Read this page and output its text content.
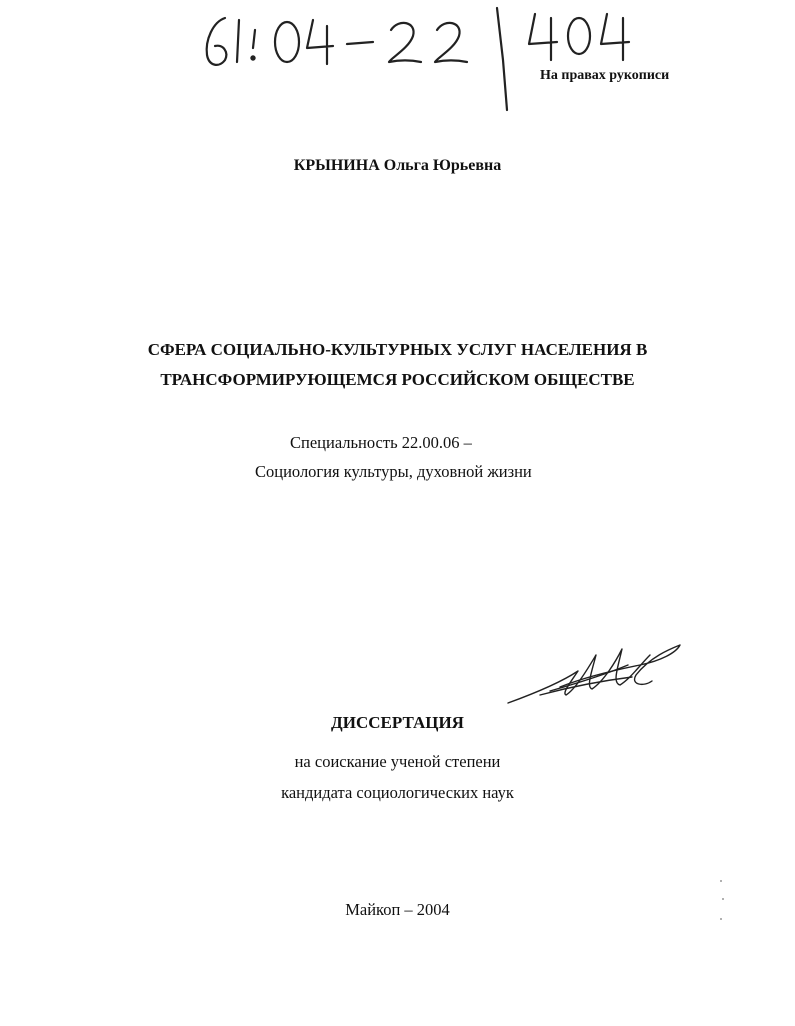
На правах рукописи
КРЫНИНА Ольга Юрьевна
СФЕРА СОЦИАЛЬНО-КУЛЬТУРНЫХ УСЛУГ НАСЕЛЕНИЯ В
ТРАНСФОРМИРУЮЩЕМСЯ РОССИЙСКОМ ОБЩЕСТВЕ
Специальность 22.00.06 –
Социология культуры, духовной жизни
ДИССЕРТАЦИЯ
на соискание ученой степени
кандидата социологических наук
Майкоп – 2004
